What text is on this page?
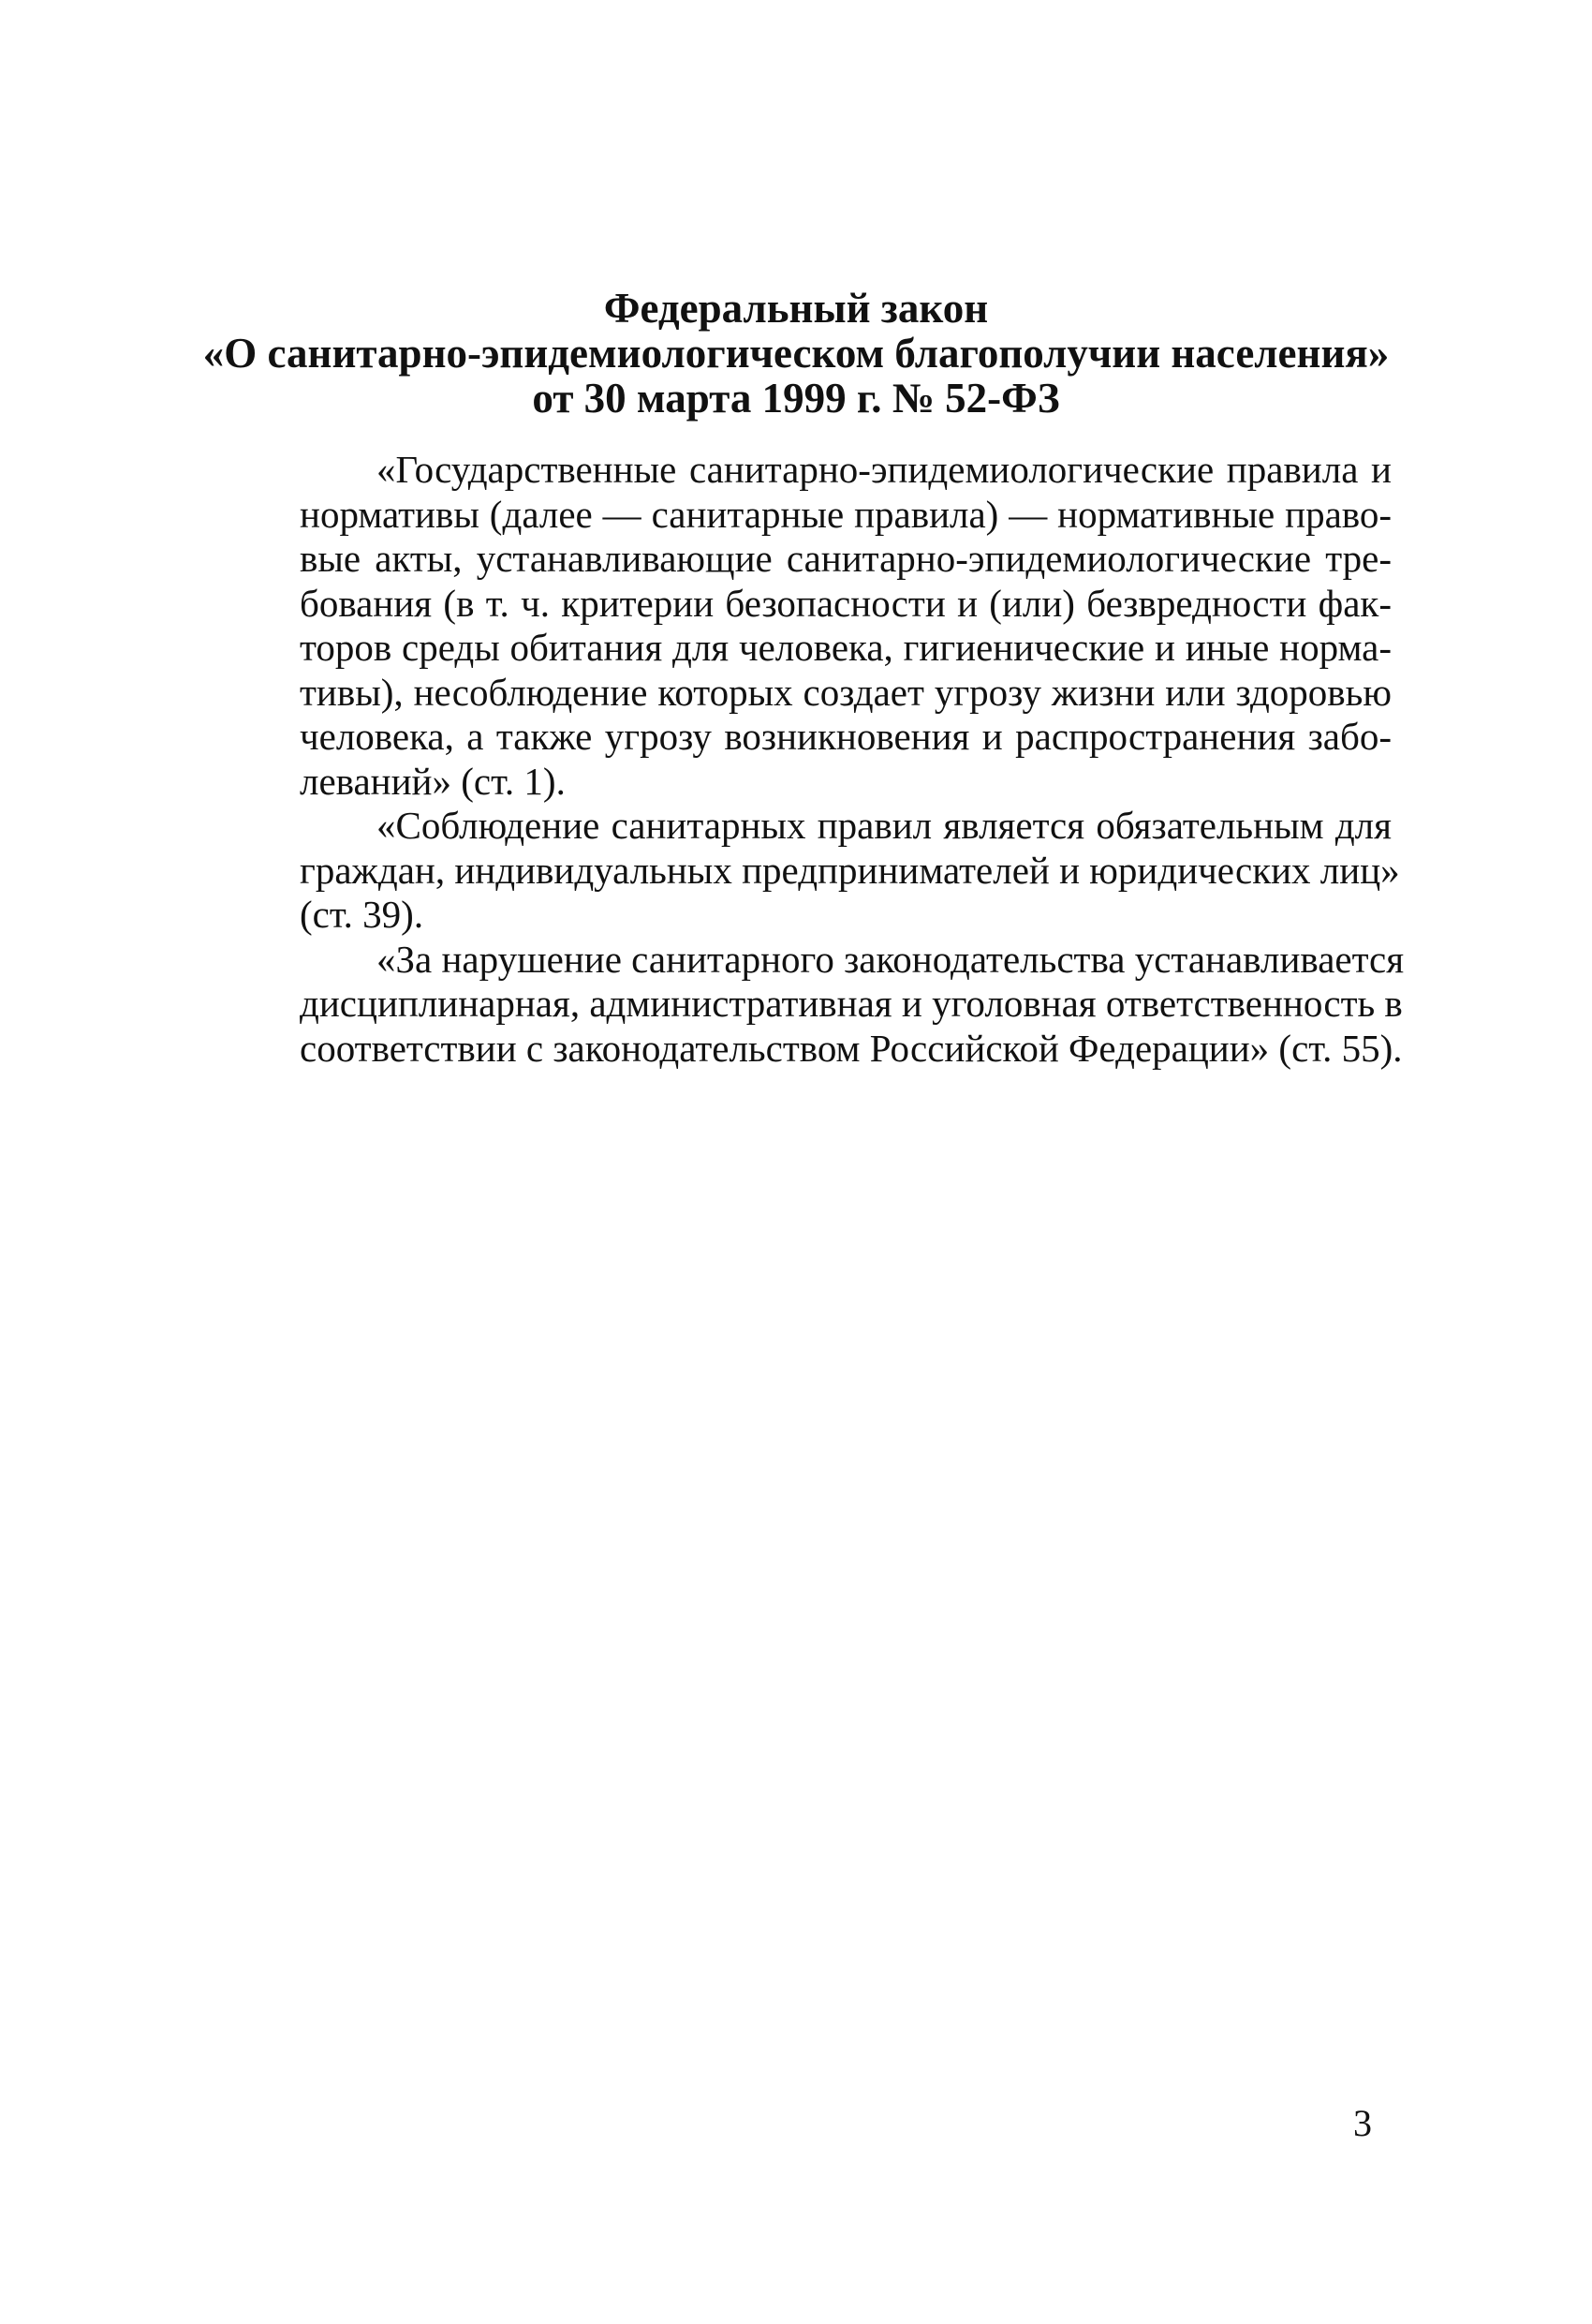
Федеральный закон
«О санитарно-эпидемиологическом благополучии населения»
от 30 марта 1999 г. № 52-ФЗ
«Государственные санитарно-эпидемиологические правила и
нормативы (далее — санитарные правила) — нормативные право-
вые акты, устанавливающие санитарно-эпидемиологические тре-
бования (в т. ч. критерии безопасности и (или) безвредности фак-
торов среды обитания для человека, гигиенические и иные норма-
тивы), несоблюдение которых создает угрозу жизни или здоровью
человека, а также угрозу возникновения и распространения забо-
леваний» (ст. 1).
«Соблюдение санитарных правил является обязательным для
граждан, индивидуальных предпринимателей и юридических лиц»
(ст. 39).
«За нарушение санитарного законодательства устанавливается
дисциплинарная, административная и уголовная ответственность в
соответствии с законодательством Российской Федерации» (ст. 55).
3
